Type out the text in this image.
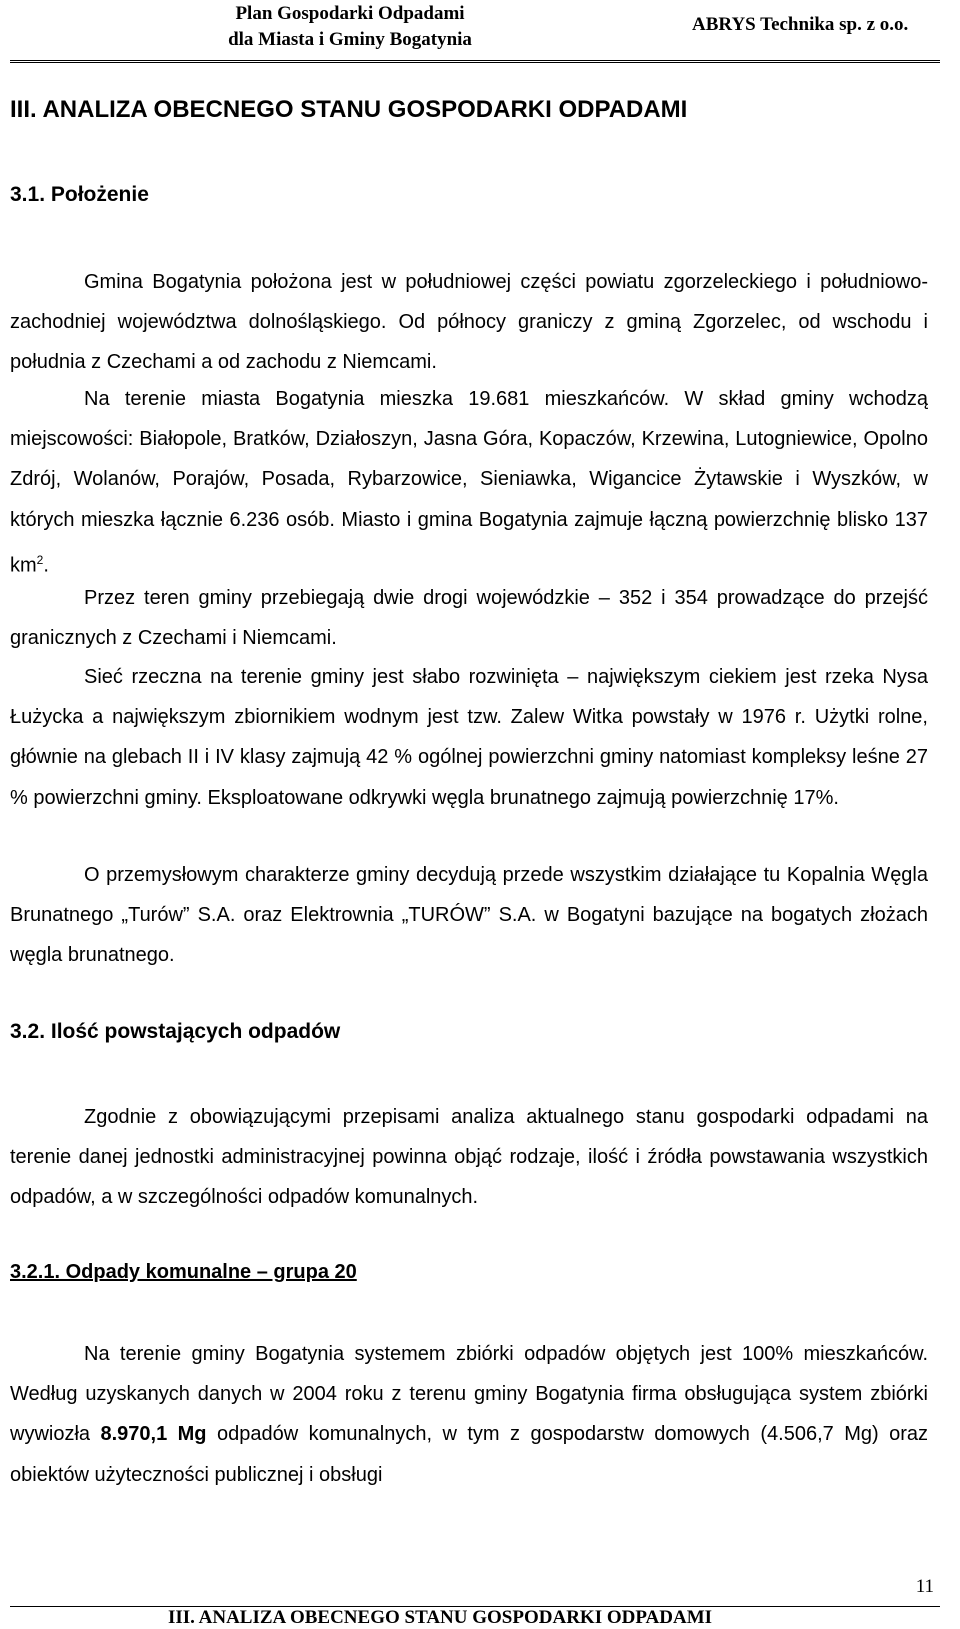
Plan Gospodarki Odpadami
dla Miasta i Gminy Bogatynia
ABRYS Technika sp. z o.o.
III. ANALIZA OBECNEGO STANU GOSPODARKI ODPADAMI
3.1. Położenie

Gmina Bogatynia położona jest w południowej części powiatu zgorzeleckiego i południowo-zachodniej województwa dolnośląskiego. Od północy graniczy z gminą Zgorzelec, od wschodu i południa z Czechami a od zachodu z Niemcami.

Na terenie miasta Bogatynia mieszka 19.681 mieszkańców. W skład gminy wchodzą miejscowości: Białopole, Bratków, Działoszyn, Jasna Góra, Kopaczów, Krzewina, Lutogniewice, Opolno Zdrój, Wolanów, Porajów, Posada, Rybarzowice, Sieniawka, Wigancice Żytawskie i Wyszków, w których mieszka łącznie 6.236 osób. Miasto i gmina Bogatynia zajmuje łączną powierzchnię blisko 137 $km^2$.

Przez teren gminy przebiegają dwie drogi wojewódzkie – 352 i 354 prowadzące do przejść granicznych z Czechami i Niemcami.

Sieć rzeczna na terenie gminy jest słabo rozwinięta – największym ciekiem jest rzeka Nysa Łużycka a największym zbiornikiem wodnym jest tzw. Zalew Witka powstały w 1976 r. Użytki rolne, głównie na glebach II i IV klasy zajmują 42 % ogólnej powierzchni gminy natomiast kompleksy leśne 27 % powierzchni gminy. Eksploatowane odkrywki węgla brunatnego zajmują powierzchnię 17%.

O przemysłowym charakterze gminy decydują przede wszystkim działające tu Kopalnia Węgla Brunatnego „Turów” S.A. oraz Elektrownia „TURÓW” S.A. w Bogatyni bazujące na bogatych złożach węgla brunatnego.

3.2. Ilość powstających odpadów

Zgodnie z obowiązującymi przepisami analiza aktualnego stanu gospodarki odpadami na terenie danej jednostki administracyjnej powinna objąć rodzaje, ilość i źródła powstawania wszystkich odpadów, a w szczególności odpadów komunalnych.

3.2.1. Odpady komunalne – grupa 20

Na terenie gminy Bogatynia systemem zbiórki odpadów objętych jest 100% mieszkańców. Według uzyskanych danych w 2004 roku z terenu gminy Bogatynia firma obsługująca system zbiórki wywiozła 8.970,1 Mg odpadów komunalnych, w tym z gospodarstw domowych (4.506,7 Mg) oraz obiektów użyteczności publicznej i obsługi

11
III. ANALIZA OBECNEGO STANU GOSPODARKI ODPADAMI
